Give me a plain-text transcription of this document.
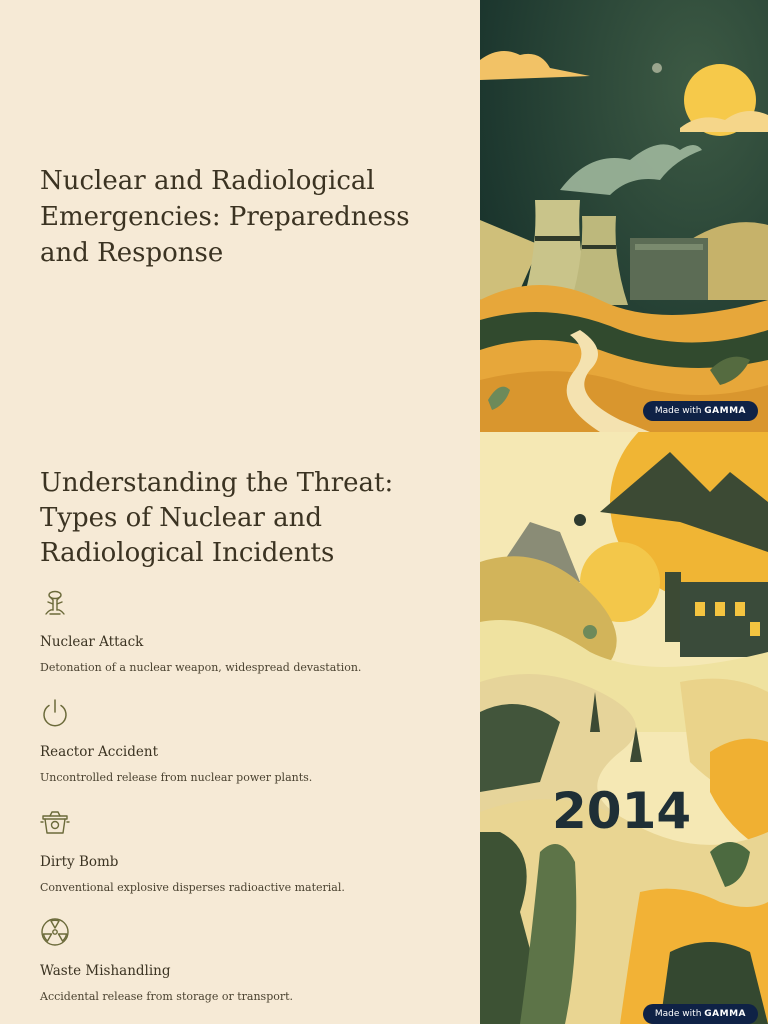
Nuclear and Radiological Emergencies: Preparedness and Response
Understanding the Threat: Types of Nuclear and Radiological Incidents
Nuclear Attack

Detonation of a nuclear weapon, widespread devastation.

Reactor Accident

Uncontrolled release from nuclear power plants.

Dirty Bomb

Conventional explosive disperses radioactive material.

Waste Mishandling

Accidental release from storage or transport.

Made with GAMMA
2014
Made with GAMMA
